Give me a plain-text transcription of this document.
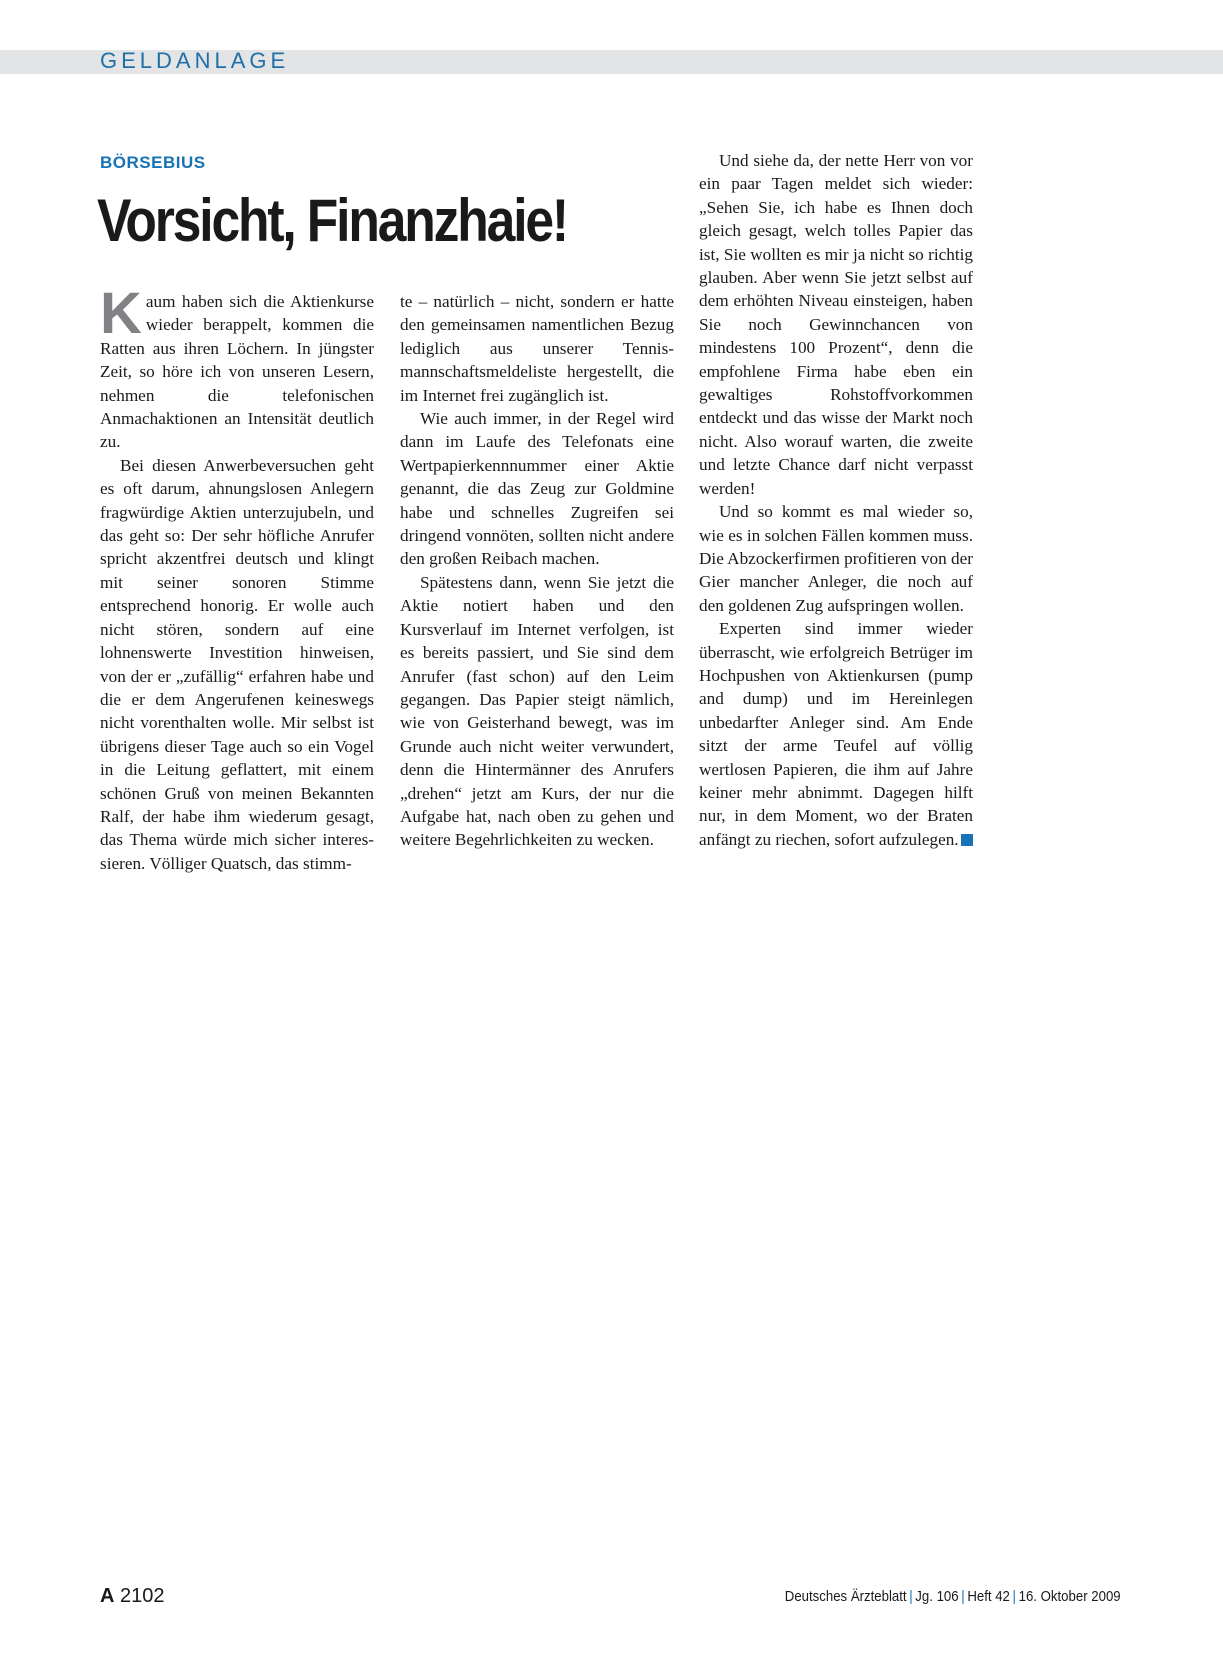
GELDANLAGE
BÖRSEBIUS
Vorsicht, Finanzhaie!

Kaum haben sich die Aktienkurse wieder berappelt, kommen die Ratten aus ihren Löchern. In jüngster Zeit, so höre ich von unseren Lesern, nehmen die telefonischen Anmachaktionen an Intensität deutlich zu.

Bei diesen Anwerbeversuchen geht es oft darum, ahnungslosen Anlegern fragwürdige Aktien unterzujubeln, und das geht so: Der sehr höfliche Anrufer spricht akzentfrei deutsch und klingt mit seiner sonoren Stimme entsprechend honorig. Er wolle auch nicht stören, sondern auf eine lohnenswerte Investition hinweisen, von der er „zufällig“ erfahren habe und die er dem Angerufenen keineswegs nicht vorenthalten wolle. Mir selbst ist übrigens dieser Tage auch so ein Vogel in die Leitung geflattert, mit einem schönen Gruß von meinen Bekannten Ralf, der habe ihm wiederum gesagt, das Thema würde mich sicher interessieren. Völliger Quatsch, das stimm-

te – natürlich – nicht, sondern er hatte den gemeinsamen namentlichen Bezug lediglich aus unserer Tennismannschaftsmeldeliste hergestellt, die im Internet frei zugänglich ist.

Wie auch immer, in der Regel wird dann im Laufe des Telefonats eine Wertpapierkennnummer einer Aktie genannt, die das Zeug zur Goldmine habe und schnelles Zugreifen sei dringend vonnöten, sollten nicht andere den großen Reibach machen.

Spätestens dann, wenn Sie jetzt die Aktie notiert haben und den Kursverlauf im Internet verfolgen, ist es bereits passiert, und Sie sind dem Anrufer (fast schon) auf den Leim gegangen. Das Papier steigt nämlich, wie von Geisterhand bewegt, was im Grunde auch nicht weiter verwundert, denn die Hintermänner des Anrufers „drehen“ jetzt am Kurs, der nur die Aufgabe hat, nach oben zu gehen und weitere Begehrlichkeiten zu wecken.

Und siehe da, der nette Herr von vor ein paar Tagen meldet sich wieder: „Sehen Sie, ich habe es Ihnen doch gleich gesagt, welch tolles Papier das ist, Sie wollten es mir ja nicht so richtig glauben. Aber wenn Sie jetzt selbst auf dem erhöhten Niveau einsteigen, haben Sie noch Gewinnchancen von mindestens 100 Prozent“, denn die empfohlene Firma habe eben ein gewaltiges Rohstoffvorkommen entdeckt und das wisse der Markt noch nicht. Also worauf warten, die zweite und letzte Chance darf nicht verpasst werden!

Und so kommt es mal wieder so, wie es in solchen Fällen kommen muss. Die Abzockerfirmen profitieren von der Gier mancher Anleger, die noch auf den goldenen Zug aufspringen wollen.

Experten sind immer wieder überrascht, wie erfolgreich Betrüger im Hochpushen von Aktienkursen (pump and dump) und im Hereinlegen unbedarfter Anleger sind. Am Ende sitzt der arme Teufel auf völlig wertlosen Papieren, die ihm auf Jahre keiner mehr abnimmt. Dagegen hilft nur, in dem Moment, wo der Braten anfängt zu riechen, sofort aufzulegen.

A 2102	Deutsches Ärzteblatt | Jg. 106 | Heft 42 | 16. Oktober 2009
